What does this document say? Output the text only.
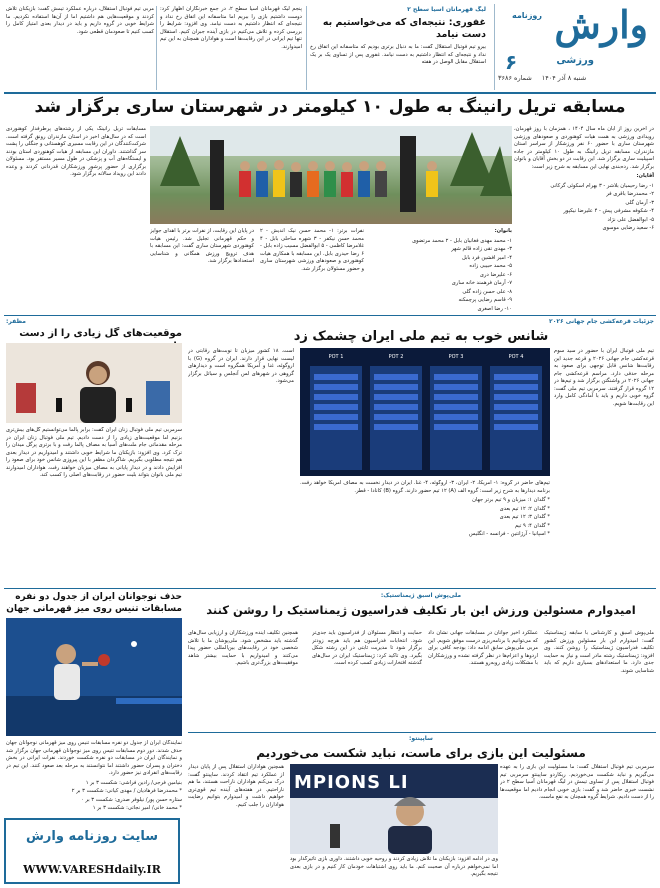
وارش
روزنامه
ورزشی
۶
شنبه ۸ آذر ۱۴۰۴
شماره ۳۶۸۶
لیگ قهرمانان آسیا سطح ۲
غفوری: نتیجه‌ای که می‌خواستیم به دست نیامد

بیرو تیم فوتبال استقلال گفت: ما به دنبال برتری بودیم که متاسفانه این اتفاق رخ نداد و نتیجه‌ای که انتظار داشتیم به دست نیامد. غفوری پس از تساوی یک بر یک استقلال مقابل الوصل در هفته

پنجم لیگ قهرمانان آسیا سطح ۲، در جمع خبرنگاران اظهار کرد: دوست داشتیم بازی را ببریم اما متاسفانه این اتفاق رخ نداد و نتیجه‌ای که انتظار داشتیم به دست نیامد. وی افزود: شرایط را بررسی کرده و تلاش می‌کنیم در بازی آینده جبران کنیم. استقلال تنها تیم ایرانی در این رقابت‌ها است و هواداران همچنان به این تیم امیدوارند.

مربی تیم فوتبال استقلال، درباره عملکرد تیمش گفت: بازیکنان تلاش کردند و موقعیت‌هایی هم داشتیم اما از آن‌ها استفاده نکردیم. ما شرایط خوبی در گروه داریم و باید در دیدار بعدی امتیاز کامل را کسب کنیم تا صعودمان قطعی شود.

مسابقه تریل رانینگ به طول ۱۰ کیلومتر در شهرستان ساری برگزار شد

در آخرین روز از آبان ماه سال ۱۴۰۴ ، همزمان با روز قهرمان، رویدادی ورزشی به همت هیات کوهنوردی و صعودهای ورزشی شهرستان ساری با حضور ۶۰ نفر ورزشکار از سراسر استان مازندران، مسابقه تریل رانینگ به طول ۱۰ کیلومتر در جاده اسپیلیت ساری برگزار شد. این رقابت در دو بخش آقایان و بانوان برگزار شد. رده‌بندی نهایی این مسابقه به شرح زیر است:

آقایان:

۱- رضا رحیمیان بلاشر - ۳ بهرام اسکوئی گرکانی
۲- محمدرضا باقری فر
۳- آرمان گلی
۴- شکوفه مشرفی پیش - ۴ علیرضا نیکپور
۵- ابوالفضل علی نژاد
۶- سعید رضایی موسوی

بانوان:

۱- محمد مهدی فغانیان بابل - ۲ محمد مرتضوی
۳- مهدی تقی زاده قائم شهر
۴- امیر افشین فرد بابل
۵- محمد حبیبی زاده
۶- علیرضا دری
۷- آرمان فرهمند خانه ساری
۸- علی حسن زاده گلی
۹- قاسم رضایی پرچمکنه
۱۰- رضا اصغری

نفرات برتر: ۱- محمد حسن نیک اندیش - ۲ محمد حسن نیکفر - ۳ شهره ساحلی بابل - ۴ غلامرضا کاظمی - ۵ ابوالفضل مسیب زاده بابل - ۶ رضا حیدری بابل. این مسابقه با همکاری هیات کوهنوردی و صعودهای ورزشی شهرستان ساری و حضور مسئولان برگزار شد.

در پایان این رقابت، از نفرات برتر با اهدای جوایز و حکم قهرمانی تجلیل شد. رئیس هیات کوهنوردی شهرستان ساری گفت: این مسابقه با هدف ترویج ورزش همگانی و شناسایی استعدادها برگزار شد.

مسابقات تریل رانینگ یکی از رشته‌های پرطرفدار کوهنوردی است که در سال‌های اخیر در استان مازندران رونق گرفته است. شرکت‌کنندگان در این رقابت مسیری کوهستانی و جنگلی را پشت سر گذاشتند. داوران این مسابقه از هیات کوهنوردی استان بودند و ایستگاه‌های آب و پزشکی در طول مسیر مستقر بود. مسئولان برگزاری از حضور پرشور ورزشکاران قدردانی کردند و وعده دادند این رویداد سالانه برگزار شود.

مظفر:
موقعیت‌های گل زیادی را از دست

سرمربی تیم ملی فوتبال زنان ایران گفت: برابر پالما می‌توانستیم گل‌های بیش‌تری بزنیم اما موقعیت‌های زیادی را از دست دادیم. تیم ملی فوتبال زنان ایران در مرحله مقدماتی جام ملت‌های آسیا به مصاف پالما رفت و با برتری پرگل میدان را ترک کرد. وی افزود: بازیکنان ما شرایط خوبی داشتند و امیدواریم در دیدار بعدی هم نتیجه مطلوبی بگیریم. شاگردان مظفر با این پیروزی شانس خود برای صعود را افزایش دادند و در دیدار پایانی به مصاف میزبان خواهند رفت. هواداران امیدوارند تیم ملی بانوان بتواند بلیت حضور در رقابت‌های اصلی را کسب کند.

جزئیات قرعه‌کشی جام جهانی ۲۰۲۶
شانس خوب به تیم ملی ایران چشمک زد

تیم ملی فوتبال ایران با حضور در سید سوم قرعه‌کشی جام جهانی ۲۰۲۶ و قرعه جدید این رقابت‌ها شانس قابل توجهی برای صعود به مرحله حذفی دارد. مراسم قرعه‌کشی جام جهانی ۲۰۲۶ در واشنگتن برگزار شد و تیم‌ها در ۱۲ گروه قرار گرفتند. سرمربی تیم ملی گفت: گروه خوبی داریم و باید با آمادگی کامل وارد این رقابت‌ها شویم.

POT 1	POT 2	POT 3	POT 4

است. ۱۸ کشور میزبان تا نوبت‌های رقابتی در لیست نهایی قرار دارند. ایران در گروه (G) با اروگوئه، غنا و آمریکا همگروه است و دیدارهای گروهی در شهرهای لس آنجلس و سیاتل برگزار می‌شود.

تیم‌های حاضر در گروه: ۱- آمریکا، ۲- ایران، ۳- اروگوئه، ۴- غنا. ایران در دیدار نخست به مصاف آمریکا خواهد رفت. برنامه دیدارها به شرح زیر است: گروه الف (A) ۱۲ تیم حضور دارند. گروه (B) کانادا - قطر.

* گلدان ۱: میزبان و ۹ تیم برتر جهان
* گلدان ۲: ۱۲ تیم بعدی
* گلدان ۳: ۱۲ تیم بعدی
* گلدان ۴: ۹ تیم
* اسپانیا - آرژانتین - فرانسه - انگلیس
ملی‌پوش اسبق ژیمناستیک:
امیدوارم مسئولین ورزش این بار تکلیف فدراسیون ژیمناستیک را روشن کنند

ملی‌پوش اسبق و کارشناس با سابقه ژیمناستیک گفت: امیدوارم این بار مسئولین ورزش کشور تکلیف فدراسیون ژیمناستیک را روشن کنند. وی افزود: ژیمناستیک رشته مادر است و نیاز به حمایت جدی دارد. ما استعدادهای بسیاری داریم که باید شناسایی شوند.

عملکرد اخیر جوانان در مسابقات جهانی نشان داد که می‌توانیم با برنامه‌ریزی درست موفق شویم. این مربی ملی‌پوش سابق ادامه داد: بودجه کافی برای اردوها و اعزام‌ها در نظر گرفته نشده و ورزشکاران با مشکلات زیادی روبه‌رو هستند.

حمایت و انتظار مسئولان از فدراسیون باید جدی‌تر شود. انتخابات فدراسیون هم باید هرچه زودتر برگزار شود تا مدیریت ثابتی در این رشته شکل بگیرد. وی تاکید کرد: ژیمناستیک ایران در سال‌های گذشته افتخارات زیادی کسب کرده است.

همچنین تکلیف آینده ورزشکاران و ارزیابی سال‌های گذشته باید مشخص شود. ملی‌پوشان ما با تلاش شخصی خود در رقابت‌های بین‌المللی حضور پیدا می‌کنند و امیدواریم با حمایت بیشتر شاهد موفقیت‌های بزرگ‌تری باشیم.

حذف نوجوانان ایران از جدول دو نفره مسابقات تنیس روی میز قهرمانی جهان

نمایندگان ایران از جدول دو نفره مسابقات تنیس روی میز قهرمانی نوجوانان جهان حذف شدند. دور دوم مسابقات تنیس روی میز نوجوانان قهرمانی جهان برگزار شد و نمایندگان ایران در مسابقات دو نفره شکست خوردند. نفرات ایرانی در بخش دختران و پسران حضور داشتند اما نتوانستند به مرحله بعد صعود کنند. این تیم در رقابت‌های انفرادی نیز حضور دارد.

بنیامین فرجی/ رادین فراشی: شکست ۳ بر ۱
* محمدرضا فرهادیان / مهدی کیانی: شکست ۳ بر ۲
ستاره حسن پور/ نیلوفر صدری: شکست ۳ بر ۰
* محمد خانی/ امیر نجاتی: شکست ۳ بر ۱
ساپینتو:
مسئولیت این بازی برای ماست، نباید شکست می‌خوردیم

سرمربی تیم فوتبال استقلال گفت: ما مسئولیت این بازی را به عهده می‌گیریم و نباید شکست می‌خوردیم. ریکاردو ساپینتو سرمربی تیم فوتبال استقلال پس از تساوی تیمش در لیگ قهرمانان آسیا سطح ۲ در نشست خبری حاضر شد و گفت: بازی خوبی انجام دادیم اما موقعیت‌ها را از دست دادیم. شرایط گروه همچنان به نفع ماست.

MPIONS LI

وی در ادامه افزود: بازیکنان ما تلاش زیادی کردند و روحیه خوبی داشتند. داوری بازی تاثیرگذار بود اما نمی‌خواهم درباره آن صحبت کنم. ما باید روی اشتباهات خودمان کار کنیم و در بازی بعدی نتیجه بگیریم.

همچنین هواداران استقلال پس از پایان دیدار از عملکرد تیم انتقاد کردند. ساپینتو گفت: درک می‌کنم هواداران ناراحت هستند، ما هم ناراحتیم. در هفته‌های آینده تیم قوی‌تری خواهیم داشت و امیدوارم بتوانیم رضایت هواداران را جلب کنیم.

سایت روزنامه وارش
WWW.VARESHdaily.IR
